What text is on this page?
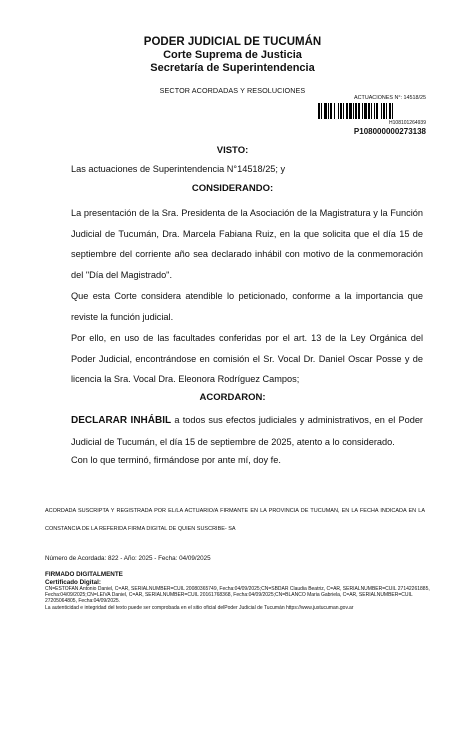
PODER JUDICIAL DE TUCUMÁN
Corte Suprema de Justicia
Secretaría de Superintendencia
SECTOR ACORDADAS Y RESOLUCIONES
ACTUACIONES N°: 14518/25
H108101264939
P108000000273138
VISTO:
Las actuaciones de Superintendencia N°14518/25; y
CONSIDERANDO:
La presentación de la Sra. Presidenta de la Asociación de la Magistratura y la Función Judicial de Tucumán, Dra. Marcela Fabiana Ruiz, en la que solicita que el día 15 de septiembre del corriente año sea declarado inhábil con motivo de la conmemoración del "Día del Magistrado".
Que esta Corte considera atendible lo peticionado, conforme a la importancia que reviste la función judicial.
Por ello, en uso de las facultades conferidas por el art. 13 de la Ley Orgánica del Poder Judicial, encontrándose en comisión el Sr. Vocal Dr. Daniel Oscar Posse y de licencia la Sra. Vocal Dra. Eleonora Rodríguez Campos;
ACORDARON:
DECLARAR INHÁBIL a todos sus efectos judiciales y administrativos, en el Poder Judicial de Tucumán, el día 15 de septiembre de 2025, atento a lo considerado.
Con lo que terminó, firmándose por ante mí, doy fe.
ACORDADA SUSCRIPTA Y REGISTRADA POR EL/LA ACTUARIO/A FIRMANTE EN LA PROVINCIA DE TUCUMAN, EN LA FECHA INDICADA EN LA CONSTANCIA DE LA REFERIDA FIRMA DIGITAL DE QUIEN SUSCRIBE- SA
Número de Acordada: 822 - Año: 2025 - Fecha: 04/09/2025
FIRMADO DIGITALMENTE
Certificado Digital:
CN=ESTOFAN Antonio Daniel, C=AR, SERIALNUMBER=CUIL 20080365749, Fecha:04/09/2025;CN=SBDAR Claudia Beatriz, C=AR, SERIALNUMBER=CUIL 27142261885, Fecha:04/09/2025;CN=LEIVA Daniel, C=AR, SERIALNUMBER=CUIL 20161768368, Fecha:04/09/2025;CN=BLANCO Maria Gabriela, C=AR, SERIALNUMBER=CUIL 27205064805, Fecha:04/09/2025.
La autenticidad e integridad del texto puede ser comprobada en el sitio oficial delPoder Judicial de Tucumán https://www.justucuman.gov.ar
